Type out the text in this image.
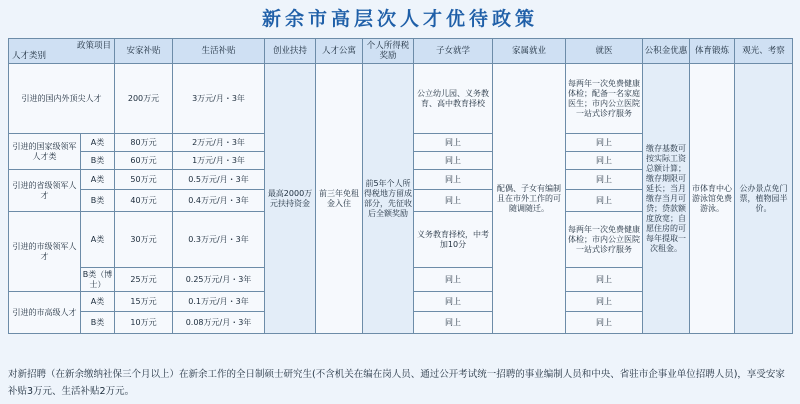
新余市高层次人才优待政策
政策项目
人才类别		安家补贴	生活补贴	创业扶持	人才公寓	个人所得税奖励	子女就学	家属就业	就医	公积金优惠	体育锻炼	观光、考察
引进的国内外顶尖人才		200万元	3万元/月・3年	最高2000万元扶持资金	前三年免租金入住	前5年个人所得税地方留成部分，先征收后全额奖励	公立幼儿园、义务教育、高中教育择校	配偶、子女有编制且在市外工作的可随调随迁。	每两年一次免费健康体检；配备一名家庭医生；市内公立医院一站式诊疗服务	缴存基数可按实际工资总额计算；缴存期限可延长；当月缴存当月可贷；贷款额度放宽；自愿住房的可每年提取一次租金。	市体育中心游泳馆免费游泳。	公办景点免门票，植物园半价。
引进的国家级领军人才类	A类	80万元	2万元/月・3年				同上		同上			
	B类	60万元	1万元/月・3年				同上		同上			
引进的省级领军人才	A类	50万元	0.5万元/月・3年				同上		同上			
	B类	40万元	0.4万元/月・3年				同上		同上			
引进的市级领军人才	A类	30万元	0.3万元/月・3年				义务教育择校，中考加10分		每两年一次免费健康体检；市内公立医院一站式诊疗服务			
	B类（博士）	25万元	0.25万元/月・3年				同上		同上			
引进的市高级人才	A类	15万元	0.1万元/月・3年				同上		同上			
	B类	10万元	0.08万元/月・3年				同上		同上			
对新招聘（在新余缴纳社保三个月以上）在新余工作的全日制硕士研究生(不含机关在编在岗人员、通过公开考试统一招聘的事业编制人员和中央、省驻市企事业单位招聘人员)，享受安家补贴3万元、生活补贴2万元。
